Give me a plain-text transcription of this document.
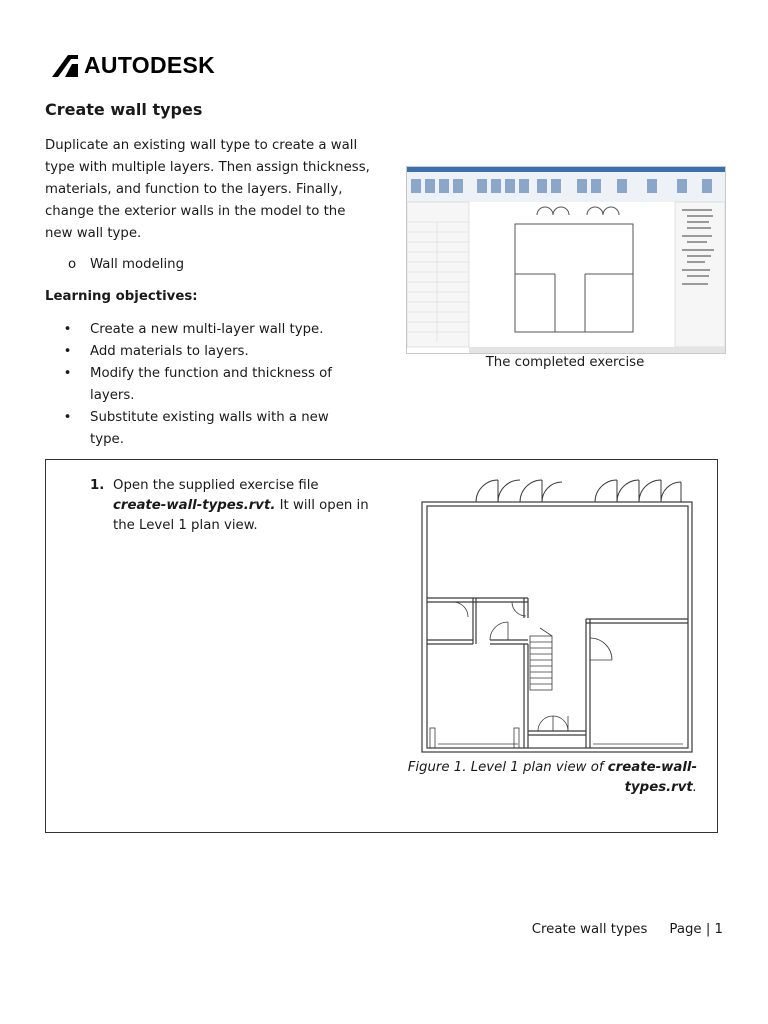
AUTODESK
Create wall types

Duplicate an existing wall type to create a wall type with multiple layers. Then assign thickness, materials, and function to the layers. Finally, change the exterior walls in the model to the new wall type.

o	Wall modeling

Learning objectives:

•	Create a new multi-layer wall type.
•	Add materials to layers.
•	Modify the function and thickness of layers.
•	Substitute existing walls with a new type.
The completed exercise
1. Open the supplied exercise file create-wall-types.rvt. It will open in the Level 1 plan view.
Figure 1. Level 1 plan view of create-wall-types.rvt.
Create wall types Page | 1
